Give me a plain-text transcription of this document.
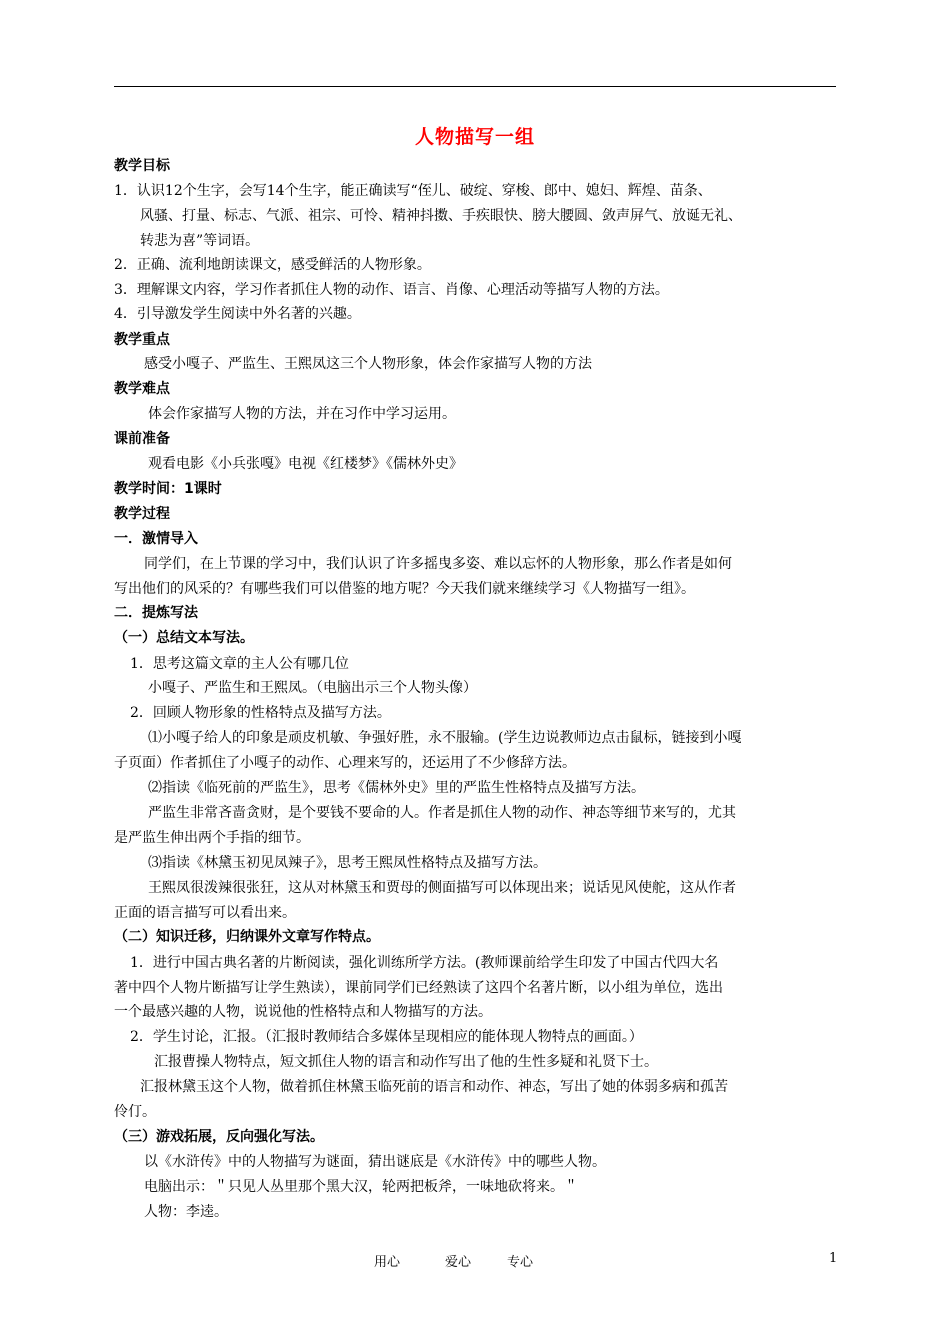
人物描写一组
教学目标
1．认识12个生字，会写14个生字，能正确读写“侄儿、破绽、穿梭、郎中、媳妇、辉煌、苗条、
风骚、打量、标志、气派、祖宗、可怜、精神抖擞、手疾眼快、膀大腰圆、敛声屏气、放诞无礼、
转悲为喜”等词语。
2．正确、流利地朗读课文，感受鲜活的人物形象。
3．理解课文内容，学习作者抓住人物的动作、语言、肖像、心理活动等描写人物的方法。
4．引导激发学生阅读中外名著的兴趣。
教学重点
感受小嘎子、严监生、王熙凤这三个人物形象，体会作家描写人物的方法
教学难点
体会作家描写人物的方法，并在习作中学习运用。
课前准备
观看电影《小兵张嘎》电视《红楼梦》《儒林外史》
教学时间：1课时
教学过程
一．激情导入
同学们，在上节课的学习中，我们认识了许多摇曳多姿、难以忘怀的人物形象，那么作者是如何
写出他们的风采的？有哪些我们可以借鉴的地方呢？今天我们就来继续学习《人物描写一组》。
二．提炼写法
（一）总结文本写法。
1．思考这篇文章的主人公有哪几位
小嘎子、严监生和王熙凤。（电脑出示三个人物头像）
2．回顾人物形象的性格特点及描写方法。
⑴小嘎子给人的印象是顽皮机敏、争强好胜，永不服输。(学生边说教师边点击鼠标，链接到小嘎
子页面）作者抓住了小嘎子的动作、心理来写的，还运用了不少修辞方法。
⑵指读《临死前的严监生》，思考《儒林外史》里的严监生性格特点及描写方法。
严监生非常吝啬贪财，是个要钱不要命的人。作者是抓住人物的动作、神态等细节来写的，尤其
是严监生伸出两个手指的细节。
⑶指读《林黛玉初见凤辣子》，思考王熙凤性格特点及描写方法。
王熙凤很泼辣很张狂，这从对林黛玉和贾母的侧面描写可以体现出来；说话见风使舵，这从作者
正面的语言描写可以看出来。
（二）知识迁移，归纳课外文章写作特点。
1．进行中国古典名著的片断阅读，强化训练所学方法。(教师课前给学生印发了中国古代四大名
著中四个人物片断描写让学生熟读），课前同学们已经熟读了这四个名著片断，以小组为单位，选出
一个最感兴趣的人物，说说他的性格特点和人物描写的方法。
2．学生讨论，汇报。（汇报时教师结合多媒体呈现相应的能体现人物特点的画面。）
汇报曹操人物特点，短文抓住人物的语言和动作写出了他的生性多疑和礼贤下士。
汇报林黛玉这个人物，做着抓住林黛玉临死前的语言和动作、神态，写出了她的体弱多病和孤苦
伶仃。
（三）游戏拓展，反向强化写法。
以《水浒传》中的人物描写为谜面，猜出谜底是《水浒传》中的哪些人物。
电脑出示：＂只见人丛里那个黑大汉，轮两把板斧，一味地砍将来。＂
人物：李逵。
用心	爱心	专心	1
